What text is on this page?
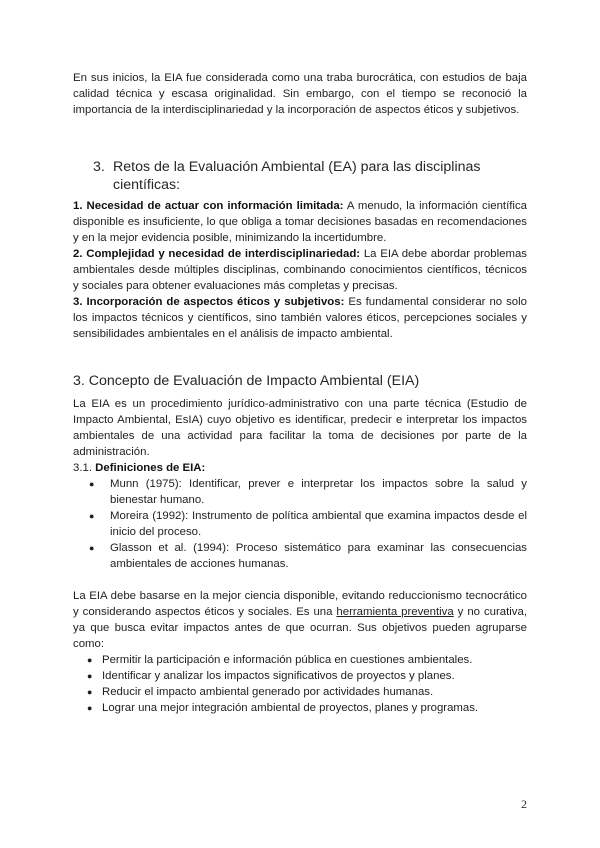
En sus inicios, la EIA fue considerada como una traba burocrática, con estudios de baja calidad técnica y escasa originalidad. Sin embargo, con el tiempo se reconoció la importancia de la interdisciplinariedad y la incorporación de aspectos éticos y subjetivos.

3. Retos de la Evaluación Ambiental (EA) para las disciplinas científicas:

1. Necesidad de actuar con información limitada: A menudo, la información científica disponible es insuficiente, lo que obliga a tomar decisiones basadas en recomendaciones y en la mejor evidencia posible, minimizando la incertidumbre.

2. Complejidad y necesidad de interdisciplinariedad: La EIA debe abordar problemas ambientales desde múltiples disciplinas, combinando conocimientos científicos, técnicos y sociales para obtener evaluaciones más completas y precisas.

3. Incorporación de aspectos éticos y subjetivos: Es fundamental considerar no solo los impactos técnicos y científicos, sino también valores éticos, percepciones sociales y sensibilidades ambientales en el análisis de impacto ambiental.

3. Concepto de Evaluación de Impacto Ambiental (EIA)

La EIA es un procedimiento jurídico-administrativo con una parte técnica (Estudio de Impacto Ambiental, EsIA) cuyo objetivo es identificar, predecir e interpretar los impactos ambientales de una actividad para facilitar la toma de decisiones por parte de la administración.

3.1. Definiciones de EIA:

● Munn (1975): Identificar, prever e interpretar los impactos sobre la salud y bienestar humano.
● Moreira (1992): Instrumento de política ambiental que examina impactos desde el inicio del proceso.
● Glasson et al. (1994): Proceso sistemático para examinar las consecuencias ambientales de acciones humanas.

La EIA debe basarse en la mejor ciencia disponible, evitando reduccionismo tecnocrático y considerando aspectos éticos y sociales. Es una herramienta preventiva y no curativa, ya que busca evitar impactos antes de que ocurran. Sus objetivos pueden agruparse como:

● Permitir la participación e información pública en cuestiones ambientales.
● Identificar y analizar los impactos significativos de proyectos y planes.
● Reducir el impacto ambiental generado por actividades humanas.
● Lograr una mejor integración ambiental de proyectos, planes y programas.
2
